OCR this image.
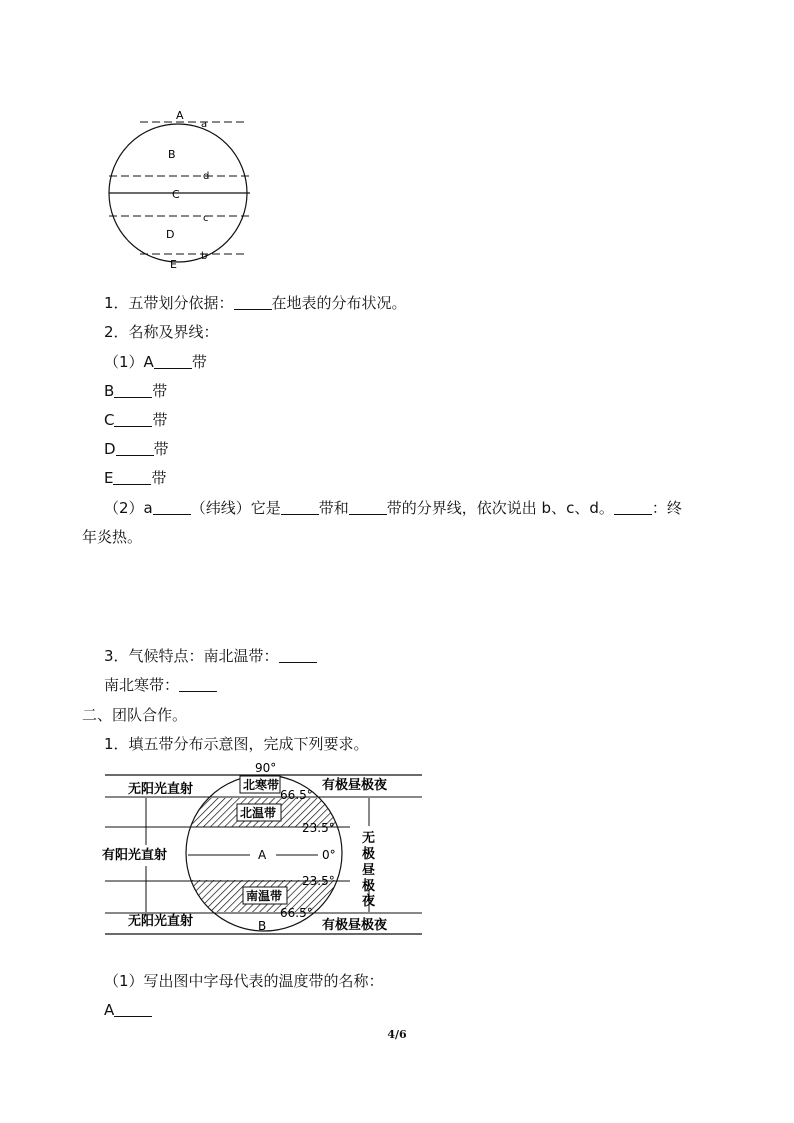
A
a
B
d
C
c
D
b
E
1．五带划分依据：	在地表的分布状况。
2．名称及界线：
（1）A	带
B	带
C	带
D	带
E	带
（2）a	（纬线）它是	带和	带的分界线，依次说出 b、c、d。	：终
年炎热。
3．气候特点：南北温带：
南北寒带：
二、团队合作。
1．填五带分布示意图，完成下列要求。
90°
北寒带
66.5°
北温带
23.5°
A	0°
23.5°
南温带
66.5°
B
无阳光直射
有阳光直射
无阳光直射
有极昼极夜
有极昼极夜
无
极
昼
极
夜
（1）写出图中字母代表的温度带的名称：
A
4/6
